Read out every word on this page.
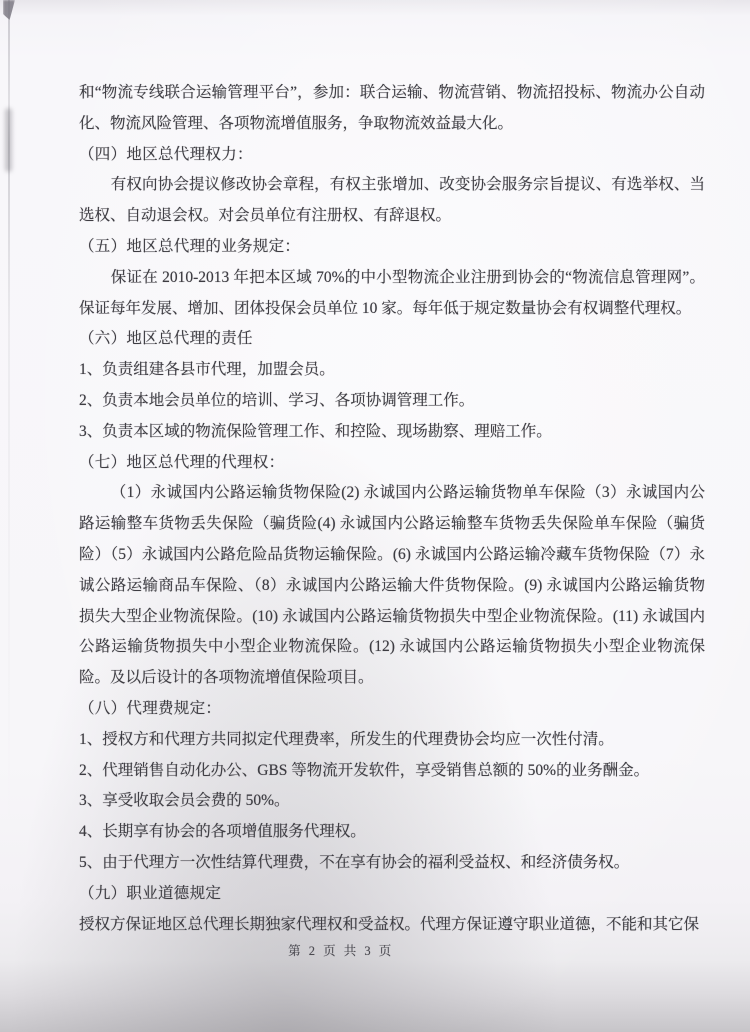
和“物流专线联合运输管理平台”，参加：联合运输、物流营销、物流招投标、物流办公自动化、物流风险管理、各项物流增值服务，争取物流效益最大化。

（四）地区总代理权力：

有权向协会提议修改协会章程，有权主张增加、改变协会服务宗旨提议、有选举权、当选权、自动退会权。对会员单位有注册权、有辞退权。

（五）地区总代理的业务规定：

保证在 2010-2013 年把本区域 70%的中小型物流企业注册到协会的“物流信息管理网”。保证每年发展、增加、团体投保会员单位 10 家。每年低于规定数量协会有权调整代理权。

（六）地区总代理的责任

1、负责组建各县市代理，加盟会员。

2、负责本地会员单位的培训、学习、各项协调管理工作。

3、负责本区域的物流保险管理工作、和控险、现场勘察、理赔工作。

（七）地区总代理的代理权：

（1）永诚国内公路运输货物保险(2) 永诚国内公路运输货物单车保险（3）永诚国内公路运输整车货物丢失保险（骗货险(4) 永诚国内公路运输整车货物丢失保险单车保险（骗货险）（5）永诚国内公路危险品货物运输保险。(6) 永诚国内公路运输冷藏车货物保险（7）永诚公路运输商品车保险、（8）永诚国内公路运输大件货物保险。(9) 永诚国内公路运输货物损失大型企业物流保险。(10) 永诚国内公路运输货物损失中型企业物流保险。(11) 永诚国内公路运输货物损失中小型企业物流保险。(12) 永诚国内公路运输货物损失小型企业物流保险。及以后设计的各项物流增值保险项目。

（八）代理费规定：

1、授权方和代理方共同拟定代理费率，所发生的代理费协会均应一次性付清。

2、代理销售自动化办公、GBS 等物流开发软件，享受销售总额的 50%的业务酬金。

3、享受收取会员会费的 50%。

4、长期享有协会的各项增值服务代理权。

5、由于代理方一次性结算代理费，不在享有协会的福利受益权、和经济债务权。

（九）职业道德规定

授权方保证地区总代理长期独家代理权和受益权。代理方保证遵守职业道德，不能和其它保

第 2 页 共 3 页
